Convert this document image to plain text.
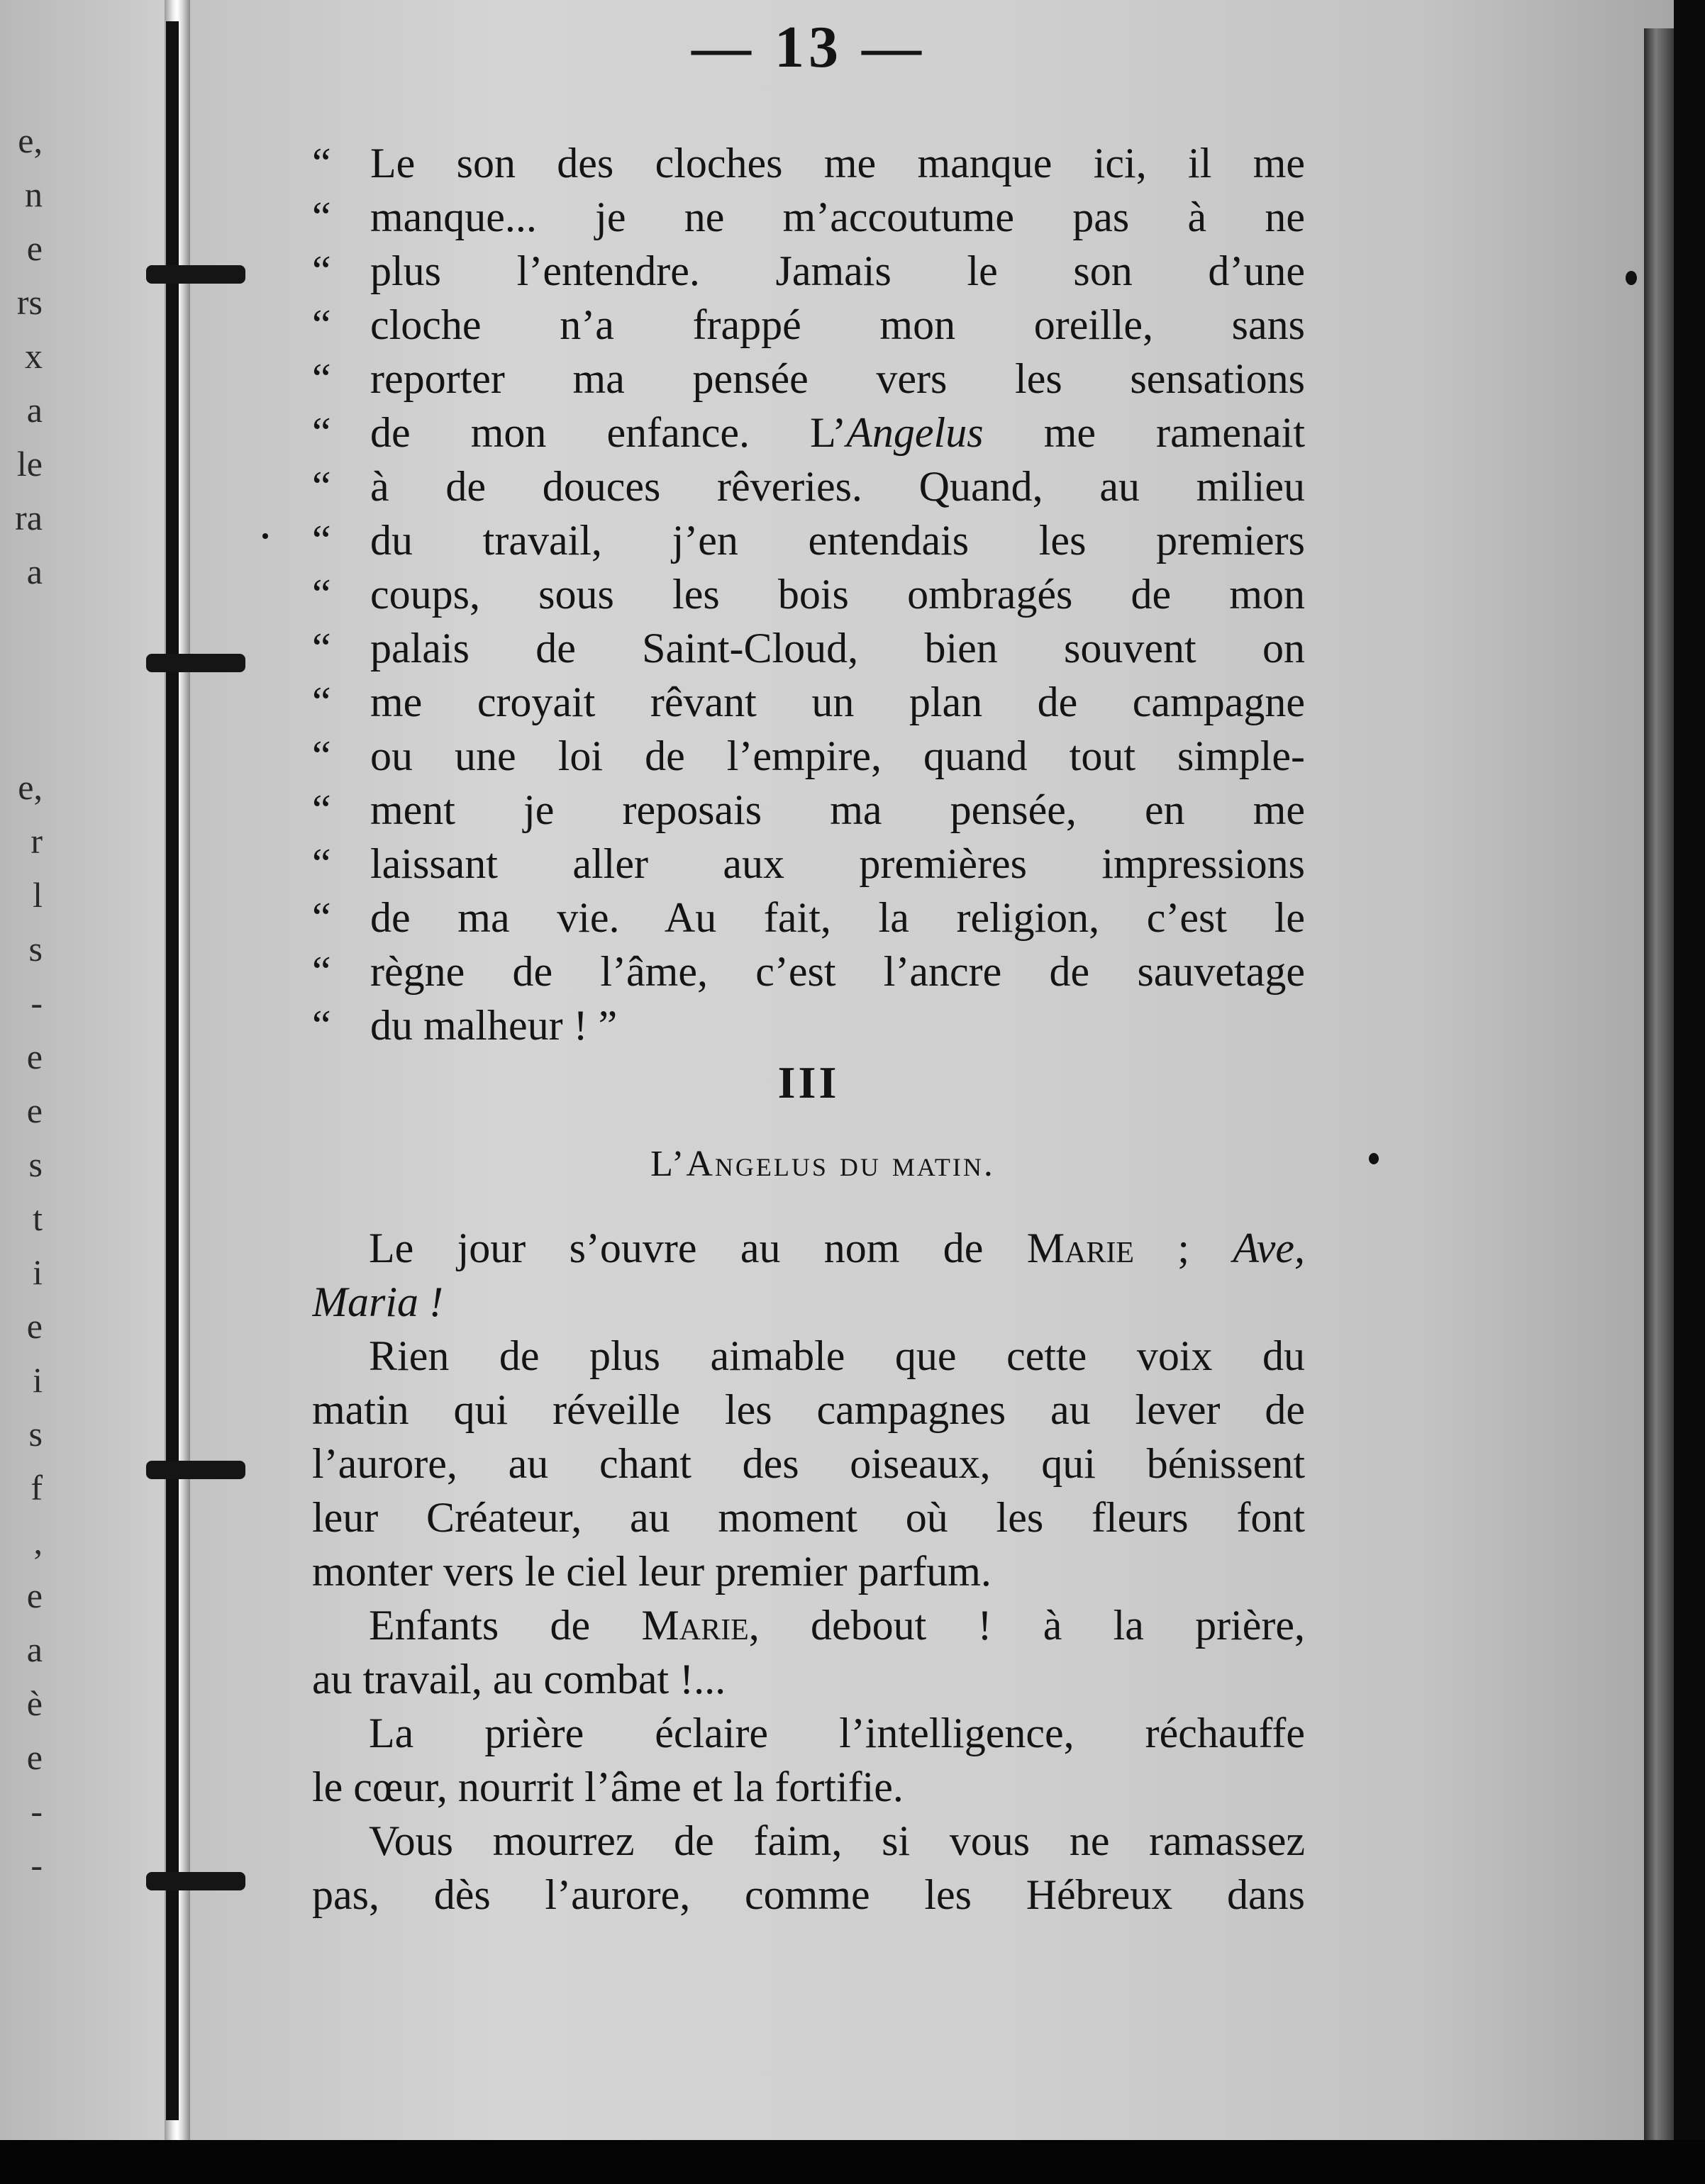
e,
n
e
rs
x
a
le
ra
a

e,
r
l
s
-
e
e
s
t
i
e
i
s
f
,
e
a
è
e
-
-
— 13 —
“ Le son des cloches me manque ici, il me
“ manque... je ne m’accoutume pas à ne
“ plus l’entendre. Jamais le son d’une
“ cloche n’a frappé mon oreille, sans
“ reporter ma pensée vers les sensations
“ de mon enfance. L’Angelus me ramenait
“ à de douces rêveries. Quand, au milieu
“ du travail, j’en entendais les premiers
“ coups, sous les bois ombragés de mon
“ palais de Saint-Cloud, bien souvent on
“ me croyait rêvant un plan de campagne
“ ou une loi de l’empire, quand tout simple-
“ ment je reposais ma pensée, en me
“ laissant aller aux premières impressions
“ de ma vie. Au fait, la religion, c’est le
“ règne de l’âme, c’est l’ancre de sauvetage
“ du malheur ! ”
III
L’Angelus du matin.
Le jour s’ouvre au nom de Marie ; Ave,
Maria !
Rien de plus aimable que cette voix du
matin qui réveille les campagnes au lever de
l’aurore, au chant des oiseaux, qui bénissent
leur Créateur, au moment où les fleurs font
monter vers le ciel leur premier parfum.
Enfants de Marie, debout ! à la prière,
au travail, au combat !...
La prière éclaire l’intelligence, réchauffe
le cœur, nourrit l’âme et la fortifie.
Vous mourrez de faim, si vous ne ramassez
pas, dès l’aurore, comme les Hébreux dans
